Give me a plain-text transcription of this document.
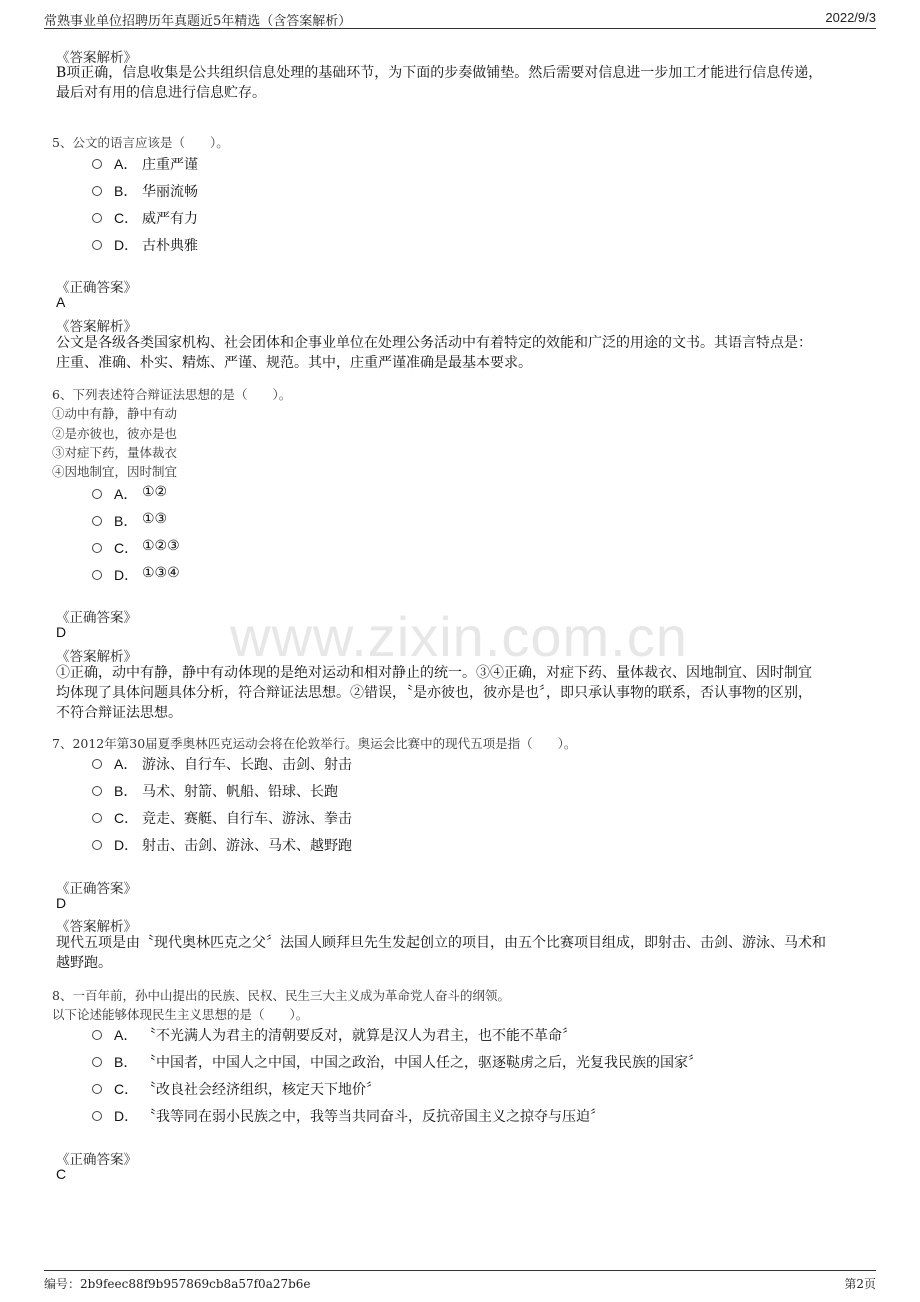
常熟事业单位招聘历年真题近5年精选（含答案解析）	2022/9/3
www.zixin.com.cn
《答案解析》
B项正确，信息收集是公共组织信息处理的基础环节，为下面的步奏做铺垫。然后需要对信息进一步加工才能进行信息传递，
最后对有用的信息进行信息贮存。
5、公文的语言应该是（　　）。
A． 庄重严谨
B． 华丽流畅
C． 威严有力
D． 古朴典雅
《正确答案》
A
《答案解析》
公文是各级各类国家机构、社会团体和企事业单位在处理公务活动中有着特定的效能和广泛的用途的文书。其语言特点是：
庄重、准确、朴实、精炼、严谨、规范。其中，庄重严谨准确是最基本要求。
6、下列表述符合辩证法思想的是（　　）。
①动中有静，静中有动
②是亦彼也，彼亦是也
③对症下药，量体裁衣
④因地制宜，因时制宜
A． ①②
B． ①③
C． ①②③
D． ①③④
《正确答案》
D
《答案解析》
①正确，动中有静，静中有动体现的是绝对运动和相对静止的统一。③④正确，对症下药、量体裁衣、因地制宜、因时制宜
均体现了具体问题具体分析，符合辩证法思想。②错误，〝是亦彼也，彼亦是也〞，即只承认事物的联系，否认事物的区别，
不符合辩证法思想。
7、2012年第30届夏季奥林匹克运动会将在伦敦举行。奥运会比赛中的现代五项是指（　　）。
A． 游泳、自行车、长跑、击剑、射击
B． 马术、射箭、帆船、铅球、长跑
C． 竞走、赛艇、自行车、游泳、拳击
D． 射击、击剑、游泳、马术、越野跑
《正确答案》
D
《答案解析》
现代五项是由〝现代奥林匹克之父〞法国人顾拜旦先生发起创立的项目，由五个比赛项目组成，即射击、击剑、游泳、马术和
越野跑。
8、一百年前，孙中山提出的民族、民权、民生三大主义成为革命党人奋斗的纲领。
以下论述能够体现民生主义思想的是（　　）。
A． 〝不光满人为君主的清朝要反对，就算是汉人为君主，也不能不革命〞
B． 〝中国者，中国人之中国，中国之政治，中国人任之，驱逐鞑虏之后，光复我民族的国家〞
C． 〝改良社会经济组织，核定天下地价〞
D． 〝我等同在弱小民族之中，我等当共同奋斗，反抗帝国主义之掠夺与压迫〞
《正确答案》
C
编号：2b9feec88f9b957869cb8a57f0a27b6e	第2页
